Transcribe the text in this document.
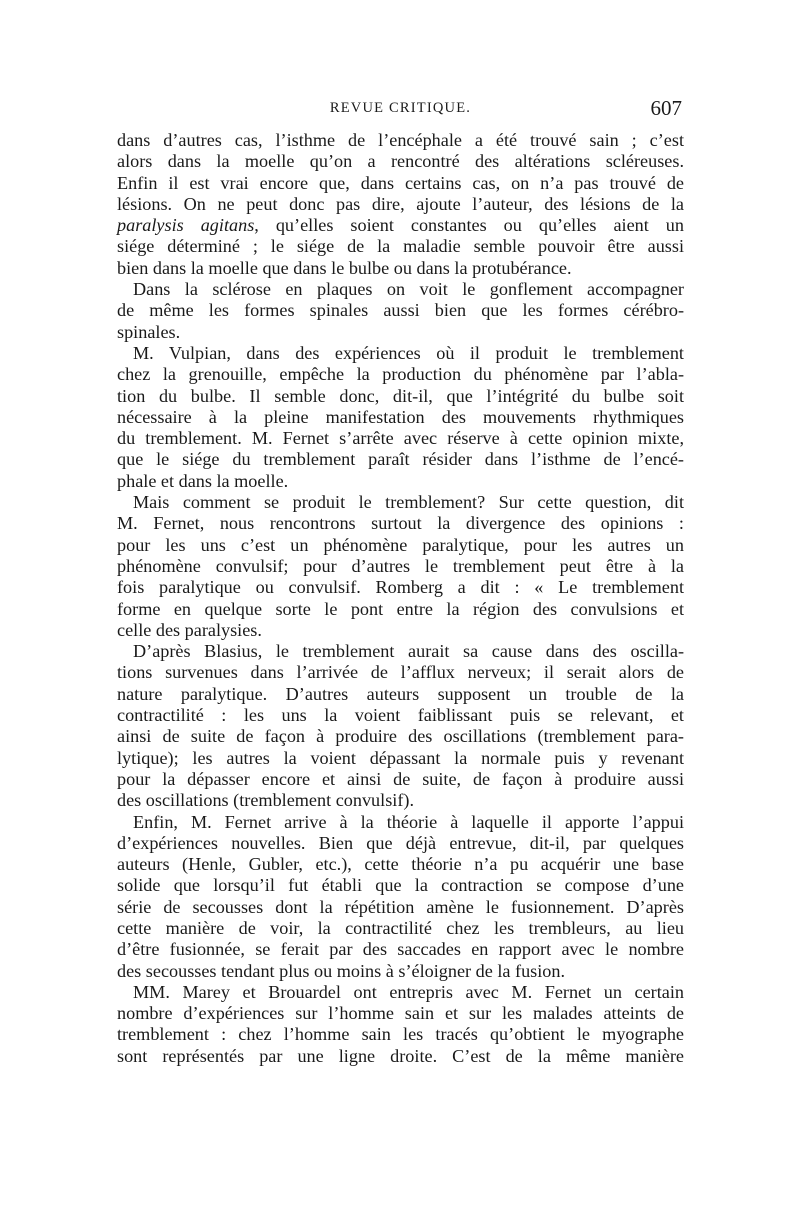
REVUE CRITIQUE.	607
dans d’autres cas, l’isthme de l’encéphale a été trouvé sain ; c’est
alors dans la moelle qu’on a rencontré des altérations scléreuses.
Enfin il est vrai encore que, dans certains cas, on n’a pas trouvé de
lésions. On ne peut donc pas dire, ajoute l’auteur, des lésions de la
paralysis agitans, qu’elles soient constantes ou qu’elles aient un
siége déterminé ; le siége de la maladie semble pouvoir être aussi
bien dans la moelle que dans le bulbe ou dans la protubérance.
Dans la sclérose en plaques on voit le gonflement accompagner
de même les formes spinales aussi bien que les formes cérébro-
spinales.
M. Vulpian, dans des expériences où il produit le tremblement
chez la grenouille, empêche la production du phénomène par l’abla-
tion du bulbe. Il semble donc, dit-il, que l’intégrité du bulbe soit
nécessaire à la pleine manifestation des mouvements rhythmiques
du tremblement. M. Fernet s’arrête avec réserve à cette opinion mixte,
que le siége du tremblement paraît résider dans l’isthme de l’encé-
phale et dans la moelle.
Mais comment se produit le tremblement? Sur cette question, dit
M. Fernet, nous rencontrons surtout la divergence des opinions :
pour les uns c’est un phénomène paralytique, pour les autres un
phénomène convulsif; pour d’autres le tremblement peut être à la
fois paralytique ou convulsif. Romberg a dit : « Le tremblement
forme en quelque sorte le pont entre la région des convulsions et
celle des paralysies.
D’après Blasius, le tremblement aurait sa cause dans des oscilla-
tions survenues dans l’arrivée de l’afflux nerveux; il serait alors de
nature paralytique. D’autres auteurs supposent un trouble de la
contractilité : les uns la voient faiblissant puis se relevant, et
ainsi de suite de façon à produire des oscillations (tremblement para-
lytique); les autres la voient dépassant la normale puis y revenant
pour la dépasser encore et ainsi de suite, de façon à produire aussi
des oscillations (tremblement convulsif).
Enfin, M. Fernet arrive à la théorie à laquelle il apporte l’appui
d’expériences nouvelles. Bien que déjà entrevue, dit-il, par quelques
auteurs (Henle, Gubler, etc.), cette théorie n’a pu acquérir une base
solide que lorsqu’il fut établi que la contraction se compose d’une
série de secousses dont la répétition amène le fusionnement. D’après
cette manière de voir, la contractilité chez les trembleurs, au lieu
d’être fusionnée, se ferait par des saccades en rapport avec le nombre
des secousses tendant plus ou moins à s’éloigner de la fusion.
MM. Marey et Brouardel ont entrepris avec M. Fernet un certain
nombre d’expériences sur l’homme sain et sur les malades atteints de
tremblement : chez l’homme sain les tracés qu’obtient le myographe
sont représentés par une ligne droite. C’est de la même manière
